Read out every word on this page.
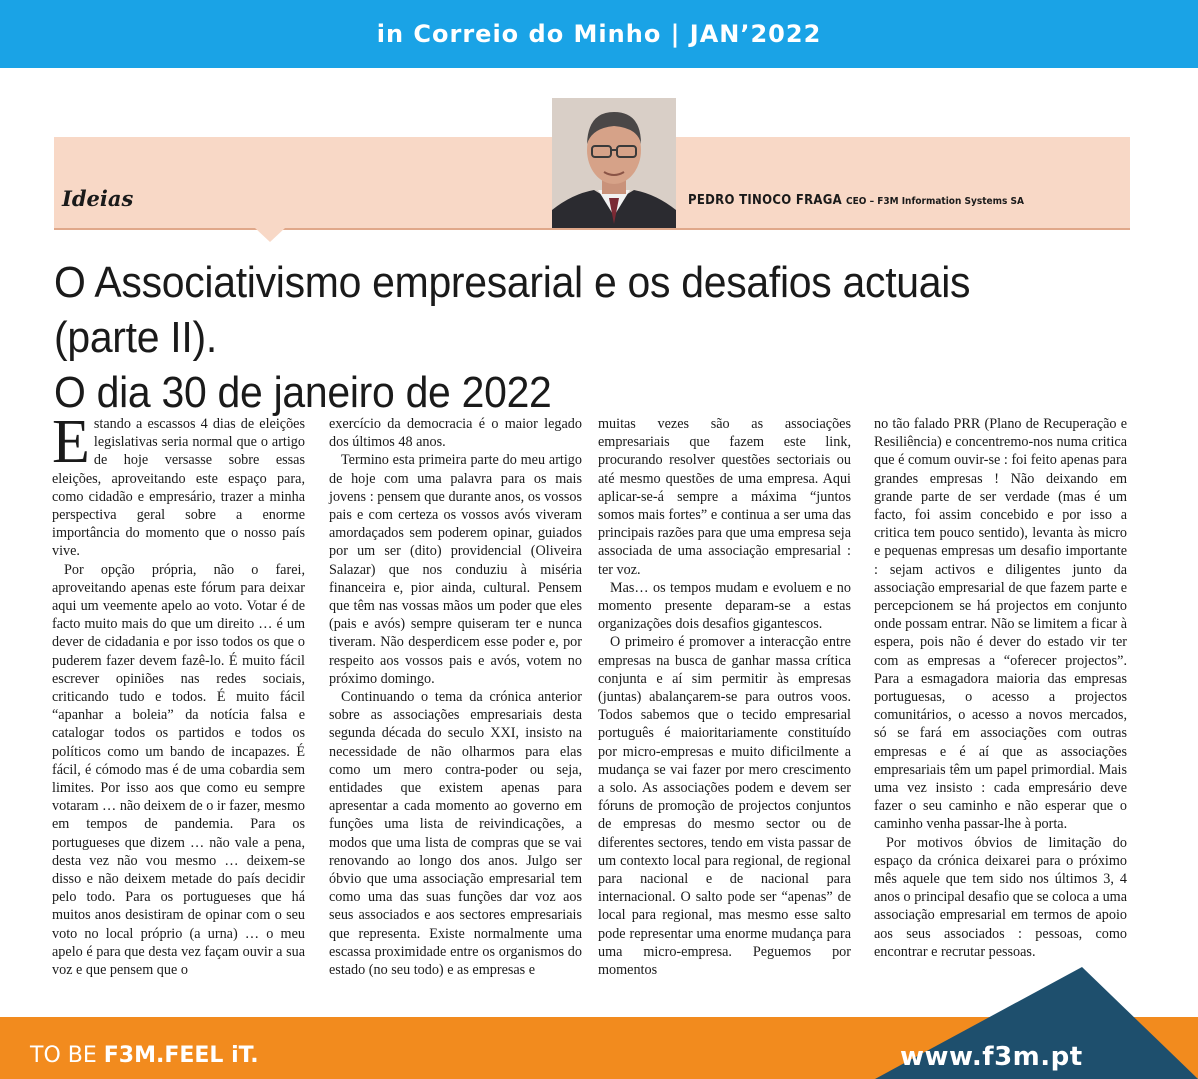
in Correio do Minho | JAN’2022
Ideias	PEDRO TINOCO FRAGA CEO – F3M Information Systems SA
O Associativismo empresarial e os desafios actuais (parte II).
O dia 30 de janeiro de 2022

Estando a escassos 4 dias de eleições legislativas seria normal que o artigo de hoje versasse sobre essas eleições, aproveitando este espaço para, como cidadão e empresário, trazer a minha perspectiva geral sobre a enorme importância do momento que o nosso país vive.

Por opção própria, não o farei, aproveitando apenas este fórum para deixar aqui um veemente apelo ao voto. Votar é de facto muito mais do que um direito … é um dever de cidadania e por isso todos os que o puderem fazer devem fazê-lo. É muito fácil escrever opiniões nas redes sociais, criticando tudo e todos. É muito fácil “apanhar a boleia” da notícia falsa e catalogar todos os partidos e todos os políticos como um bando de incapazes. É fácil, é cómodo mas é de uma cobardia sem limites. Por isso aos que como eu sempre votaram … não deixem de o ir fazer, mesmo em tempos de pandemia. Para os portugueses que dizem … não vale a pena, desta vez não vou mesmo … deixem-se disso e não deixem metade do país decidir pelo todo. Para os portugueses que há muitos anos desistiram de opinar com o seu voto no local próprio (a urna) … o meu apelo é para que desta vez façam ouvir a sua voz e que pensem que o

exercício da democracia é o maior legado dos últimos 48 anos.

Termino esta primeira parte do meu artigo de hoje com uma palavra para os mais jovens : pensem que durante anos, os vossos pais e com certeza os vossos avós viveram amordaçados sem poderem opinar, guiados por um ser (dito) providencial (Oliveira Salazar) que nos conduziu à miséria financeira e, pior ainda, cultural. Pensem que têm nas vossas mãos um poder que eles (pais e avós) sempre quiseram ter e nunca tiveram. Não desperdicem esse poder e, por respeito aos vossos pais e avós, votem no próximo domingo.

Continuando o tema da crónica anterior sobre as associações empresariais desta segunda década do seculo XXI, insisto na necessidade de não olharmos para elas como um mero contra-poder ou seja, entidades que existem apenas para apresentar a cada momento ao governo em funções uma lista de reivindicações, a modos que uma lista de compras que se vai renovando ao longo dos anos. Julgo ser óbvio que uma associação empresarial tem como uma das suas funções dar voz aos seus associados e aos sectores empresariais que representa. Existe normalmente uma escassa proximidade entre os organismos do estado (no seu todo) e as empresas e

muitas vezes são as associações empresariais que fazem este link, procurando resolver questões sectoriais ou até mesmo questões de uma empresa. Aqui aplicar-se-á sempre a máxima “juntos somos mais fortes” e continua a ser uma das principais razões para que uma empresa seja associada de uma associação empresarial : ter voz.

Mas… os tempos mudam e evoluem e no momento presente deparam-se a estas organizações dois desafios gigantescos.

O primeiro é promover a interacção entre empresas na busca de ganhar massa crítica conjunta e aí sim permitir às empresas (juntas) abalançarem-se para outros voos. Todos sabemos que o tecido empresarial português é maioritariamente constituído por micro-empresas e muito dificilmente a mudança se vai fazer por mero crescimento a solo. As associações podem e devem ser fóruns de promoção de projectos conjuntos de empresas do mesmo sector ou de diferentes sectores, tendo em vista passar de um contexto local para regional, de regional para nacional e de nacional para internacional. O salto pode ser “apenas” de local para regional, mas mesmo esse salto pode representar uma enorme mudança para uma micro-empresa. Peguemos por momentos

no tão falado PRR (Plano de Recuperação e Resiliência) e concentremo-nos numa critica que é comum ouvir-se : foi feito apenas para grandes empresas ! Não deixando em grande parte de ser verdade (mas é um facto, foi assim concebido e por isso a critica tem pouco sentido), levanta às micro e pequenas empresas um desafio importante : sejam activos e diligentes junto da associação empresarial de que fazem parte e percepcionem se há projectos em conjunto onde possam entrar. Não se limitem a ficar à espera, pois não é dever do estado vir ter com as empresas a “oferecer projectos”. Para a esmagadora maioria das empresas portuguesas, o acesso a projectos comunitários, o acesso a novos mercados, só se fará em associações com outras empresas e é aí que as associações empresariais têm um papel primordial. Mais uma vez insisto : cada empresário deve fazer o seu caminho e não esperar que o caminho venha passar-lhe à porta.

Por motivos óbvios de limitação do espaço da crónica deixarei para o próximo mês aquele que tem sido nos últimos 3, 4 anos o principal desafio que se coloca a uma associação empresarial em termos de apoio aos seus associados : pessoas, como encontrar e recrutar pessoas.

TO BE F3M.FEEL iT.	www.f3m.pt
